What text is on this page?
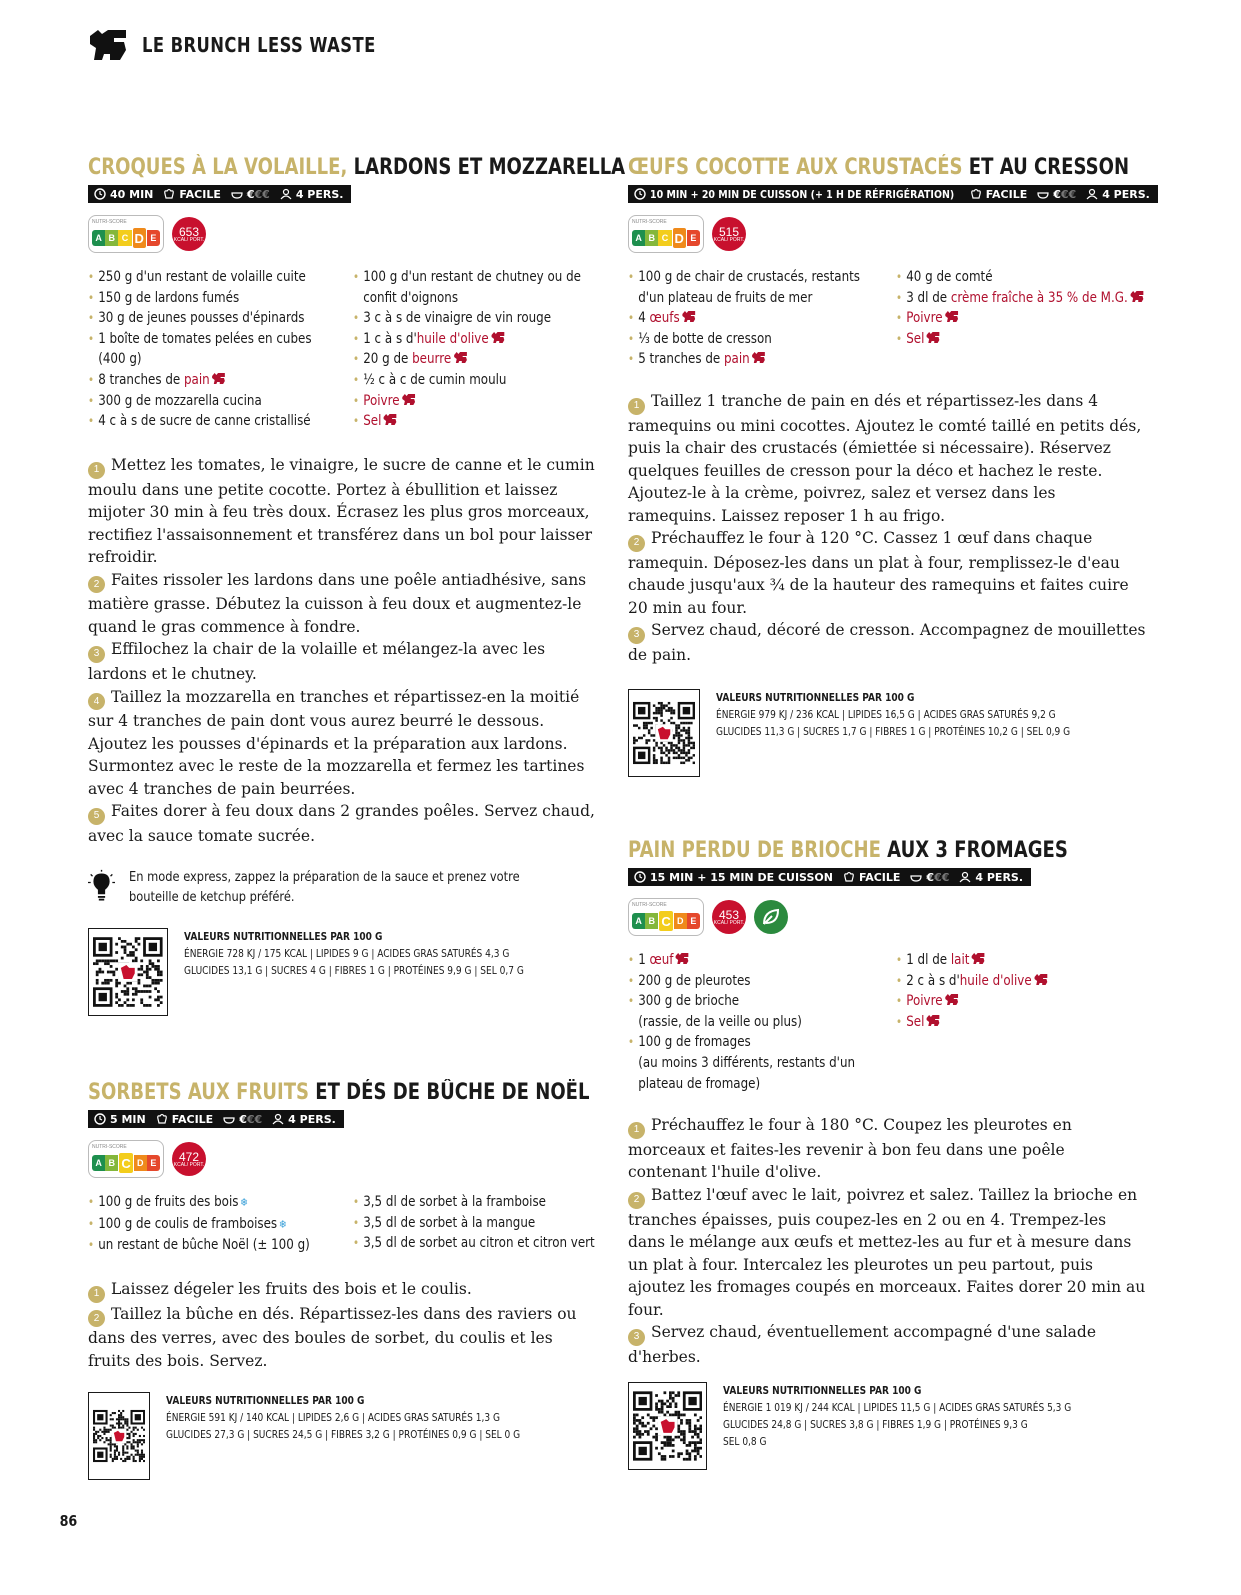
LE BRUNCH LESS WASTE
CROQUES À LA VOLAILLE, LARDONS ET MOZZARELLA
40 MIN FACILE €€€ 4 PERS.
NUTRI-SCORE
A B C D E 653
KCAL/ PORT.
• 250 g d'un restant de volaille cuite
• 150 g de lardons fumés
• 30 g de jeunes pousses d'épinards
• 1 boîte de tomates pelées en cubes
(400 g)
• 8 tranches de pain
• 300 g de mozzarella cucina
• 4 c à s de sucre de canne cristallisé
• 100 g d'un restant de chutney ou de
confit d'oignons
• 3 c à s de vinaigre de vin rouge
• 1 c à s d'huile d'olive
• 20 g de beurre
• ½ c à c de cumin moulu
• Poivre
• Sel
1 Mettez les tomates, le vinaigre, le sucre de canne et le cumin moulu dans une petite cocotte. Portez à ébullition et laissez mijoter 30 min à feu très doux. Écrasez les plus gros morceaux, rectifiez l'assaisonnement et transférez dans un bol pour laisser refroidir.
2 Faites rissoler les lardons dans une poêle antiadhésive, sans matière grasse. Débutez la cuisson à feu doux et augmentez-le quand le gras commence à fondre.
3 Effilochez la chair de la volaille et mélangez-la avec les lardons et le chutney.
4 Taillez la mozzarella en tranches et répartissez-en la moitié sur 4 tranches de pain dont vous aurez beurré le dessous. Ajoutez les pousses d'épinards et la préparation aux lardons. Surmontez avec le reste de la mozzarella et fermez les tartines avec 4 tranches de pain beurrées.
5 Faites dorer à feu doux dans 2 grandes poêles. Servez chaud, avec la sauce tomate sucrée.
En mode express, zappez la préparation de la sauce et prenez votre bouteille de ketchup préféré.
VALEURS NUTRITIONNELLES PAR 100 G
ÉNERGIE 728 KJ / 175 KCAL | LIPIDES 9 G | ACIDES GRAS SATURÉS 4,3 G
GLUCIDES 13,1 G | SUCRES 4 G | FIBRES 1 G | PROTÉINES 9,9 G | SEL 0,7 G
SORBETS AUX FRUITS ET DÉS DE BÛCHE DE NOËL
5 MIN FACILE €€€ 4 PERS.
NUTRI-SCORE
A B C D E 472
KCAL/ PORT.
• 100 g de fruits des bois ❄
• 100 g de coulis de framboises ❄
• un restant de bûche Noël (± 100 g)
• 3,5 dl de sorbet à la framboise
• 3,5 dl de sorbet à la mangue
• 3,5 dl de sorbet au citron et citron vert
1 Laissez dégeler les fruits des bois et le coulis.
2 Taillez la bûche en dés. Répartissez-les dans des raviers ou dans des verres, avec des boules de sorbet, du coulis et les fruits des bois. Servez.
VALEURS NUTRITIONNELLES PAR 100 G
ÉNERGIE 591 KJ / 140 KCAL | LIPIDES 2,6 G | ACIDES GRAS SATURÉS 1,3 G
GLUCIDES 27,3 G | SUCRES 24,5 G | FIBRES 3,2 G | PROTÉINES 0,9 G | SEL 0 G
ŒUFS COCOTTE AUX CRUSTACÉS ET AU CRESSON
10 MIN + 20 MIN DE CUISSON (+ 1 H DE RÉFRIGÉRATION)	FACILE €€€ 4 PERS.
NUTRI-SCORE
A B C D E 515
KCAL/ PORT.
• 100 g de chair de crustacés, restants
d'un plateau de fruits de mer
• 4 œufs
• ⅓ de botte de cresson
• 5 tranches de pain
• 40 g de comté
• 3 dl de crème fraîche à 35 % de M.G.
• Poivre
• Sel
1 Taillez 1 tranche de pain en dés et répartissez-les dans 4 ramequins ou mini cocottes. Ajoutez le comté taillé en petits dés, puis la chair des crustacés (émiettée si nécessaire). Réservez quelques feuilles de cresson pour la déco et hachez le reste. Ajoutez-le à la crème, poivrez, salez et versez dans les ramequins. Laissez reposer 1 h au frigo.
2 Préchauffez le four à 120 °C. Cassez 1 œuf dans chaque ramequin. Déposez-les dans un plat à four, remplissez-le d'eau chaude jusqu'aux ¾ de la hauteur des ramequins et faites cuire 20 min au four.
3 Servez chaud, décoré de cresson. Accompagnez de mouillettes de pain.
VALEURS NUTRITIONNELLES PAR 100 G
ÉNERGIE 979 KJ / 236 KCAL | LIPIDES 16,5 G | ACIDES GRAS SATURÉS 9,2 G
GLUCIDES 11,3 G | SUCRES 1,7 G | FIBRES 1 G | PROTÉINES 10,2 G | SEL 0,9 G
PAIN PERDU DE BRIOCHE AUX 3 FROMAGES
15 MIN + 15 MIN DE CUISSON FACILE €€€ 4 PERS.
NUTRI-SCORE
A B C D E 453
KCAL/ PORT.
• 1 œuf
• 200 g de pleurotes
• 300 g de brioche
(rassie, de la veille ou plus)
• 100 g de fromages
(au moins 3 différents, restants d'un
plateau de fromage)
• 1 dl de lait
• 2 c à s d'huile d'olive
• Poivre
• Sel
1 Préchauffez le four à 180 °C. Coupez les pleurotes en morceaux et faites-les revenir à bon feu dans une poêle contenant l'huile d'olive.
2 Battez l'œuf avec le lait, poivrez et salez. Taillez la brioche en tranches épaisses, puis coupez-les en 2 ou en 4. Trempez-les dans le mélange aux œufs et mettez-les au fur et à mesure dans un plat à four. Intercalez les pleurotes un peu partout, puis ajoutez les fromages coupés en morceaux. Faites dorer 20 min au four.
3 Servez chaud, éventuellement accompagné d'une salade d'herbes.
VALEURS NUTRITIONNELLES PAR 100 G
ÉNERGIE 1 019 KJ / 244 KCAL | LIPIDES 11,5 G | ACIDES GRAS SATURÉS 5,3 G
GLUCIDES 24,8 G | SUCRES 3,8 G | FIBRES 1,9 G | PROTÉINES 9,3 G
SEL 0,8 G
86
